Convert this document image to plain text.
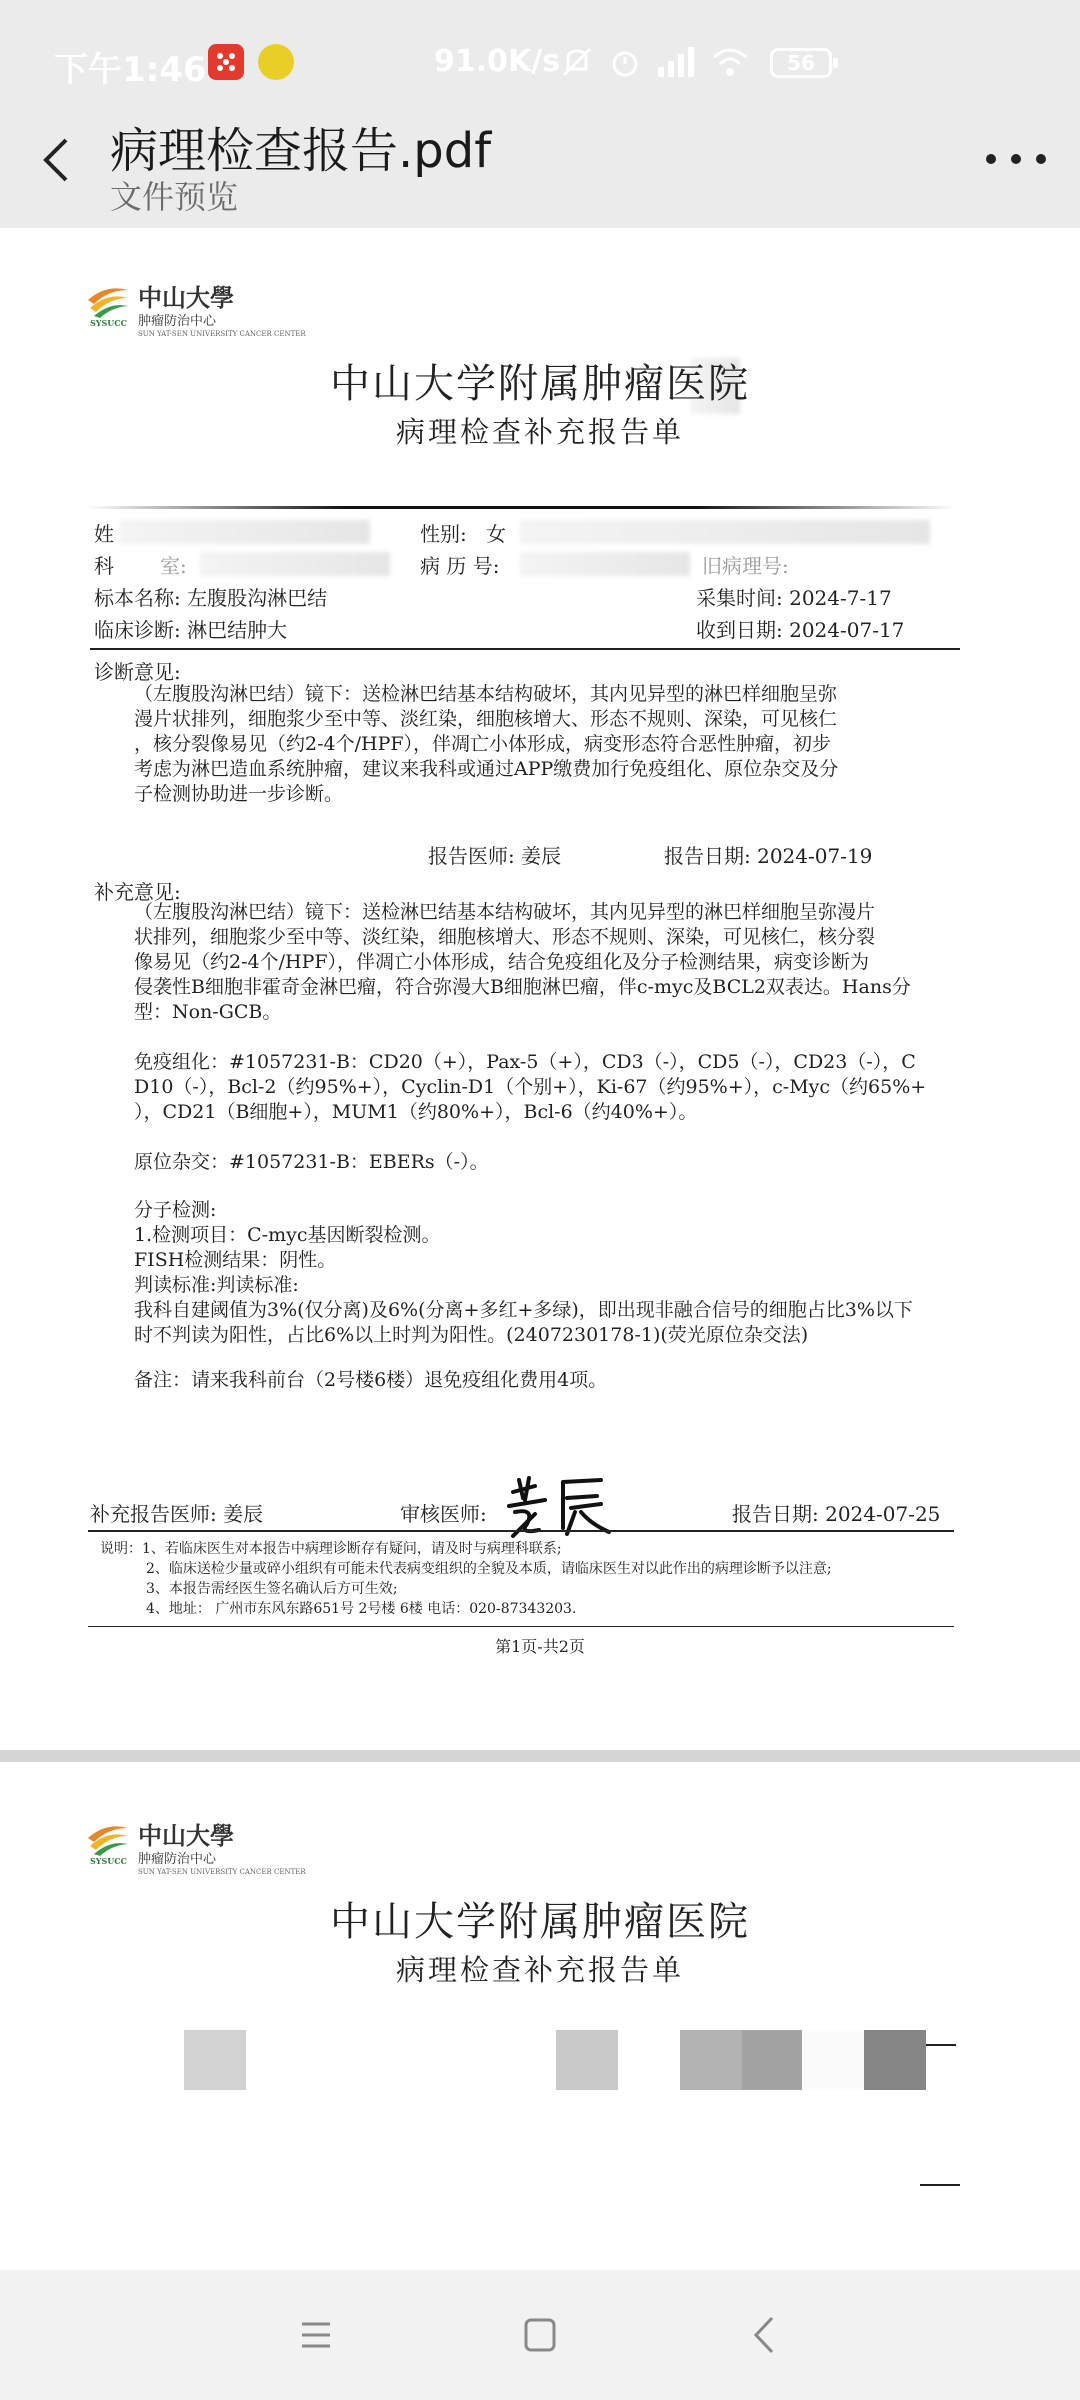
下午1:46	91.0K/s	56
病理检查报告.pdf
文件预览
SYSUCC
中山大學
肿瘤防治中心
SUN YAT-SEN UNIVERSITY CANCER CENTER
中山大学附属肿瘤医院
病理检查补充报告单
姓	性别: 女
科 室:	病 历 号:	旧病理号:
标本名称: 左腹股沟淋巴结	采集时间: 2024-7-17
临床诊断: 淋巴结肿大	收到日期: 2024-07-17
诊断意见:
（左腹股沟淋巴结）镜下：送检淋巴结基本结构破坏，其内见异型的淋巴样细胞呈弥
漫片状排列，细胞浆少至中等、淡红染，细胞核增大、形态不规则、深染，可见核仁
，核分裂像易见（约2-4个/HPF），伴凋亡小体形成，病变形态符合恶性肿瘤，初步
考虑为淋巴造血系统肿瘤，建议来我科或通过APP缴费加行免疫组化、原位杂交及分
子检测协助进一步诊断。
报告医师: 姜辰	报告日期: 2024-07-19
补充意见:
（左腹股沟淋巴结）镜下：送检淋巴结基本结构破坏，其内见异型的淋巴样细胞呈弥漫片
状排列，细胞浆少至中等、淡红染，细胞核增大、形态不规则、深染，可见核仁，核分裂
像易见（约2-4个/HPF），伴凋亡小体形成，结合免疫组化及分子检测结果，病变诊断为
侵袭性B细胞非霍奇金淋巴瘤，符合弥漫大B细胞淋巴瘤，伴c-myc及BCL2双表达。Hans分
型：Non-GCB。
免疫组化：#1057231-B：CD20（+），Pax-5（+），CD3（-），CD5（-），CD23（-），C
D10（-），Bcl-2（约95%+），Cyclin-D1（个别+），Ki-67（约95%+），c-Myc（约65%+
），CD21（B细胞+），MUM1（约80%+），Bcl-6（约40%+）。
原位杂交：#1057231-B：EBERs（-）。
分子检测:
1.检测项目：C-myc基因断裂检测。
FISH检测结果：阴性。
判读标准:判读标准:
我科自建阈值为3%(仅分离)及6%(分离+多红+多绿)，即出现非融合信号的细胞占比3%以下
时不判读为阳性，占比6%以上时判为阳性。(2407230178-1)(荧光原位杂交法)
备注：请来我科前台（2号楼6楼）退免疫组化费用4项。
补充报告医师: 姜辰	审核医师:	报告日期: 2024-07-25
说明：1、若临床医生对本报告中病理诊断存有疑问，请及时与病理科联系;
2、临床送检少量或碎小组织有可能未代表病变组织的全貌及本质，请临床医生对以此作出的病理诊断予以注意;
3、本报告需经医生签名确认后方可生效;
4、地址： 广州市东风东路651号 2号楼 6楼 电话：020-87343203.
第1页-共2页
SYSUCC
中山大學
肿瘤防治中心
SUN YAT-SEN UNIVERSITY CANCER CENTER
中山大学附属肿瘤医院
病理检查补充报告单
